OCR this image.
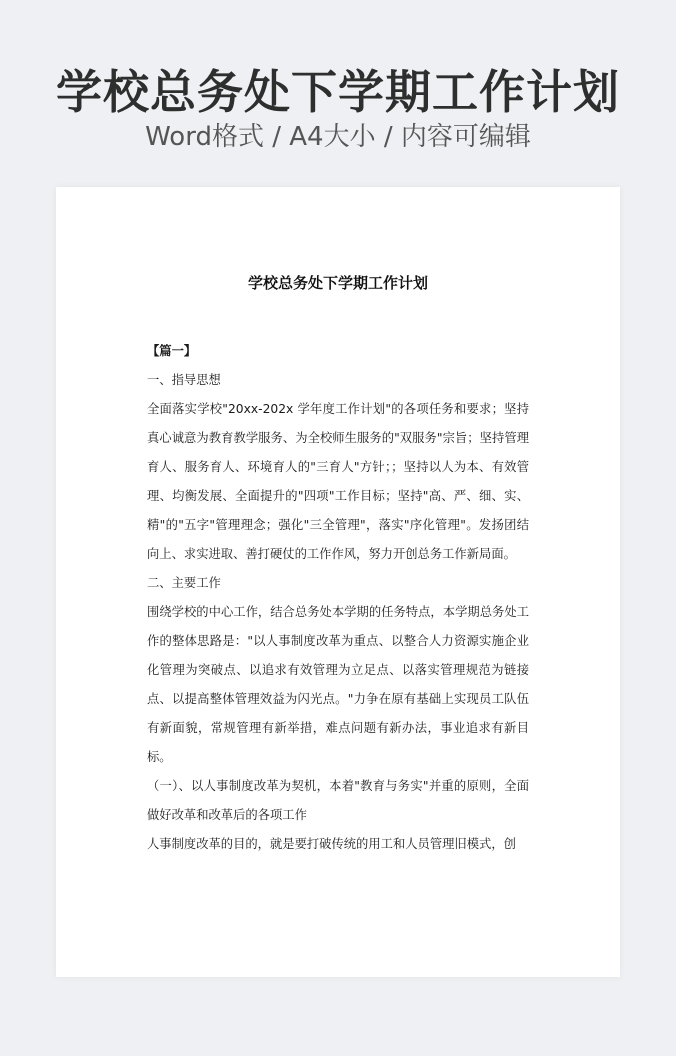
学校总务处下学期工作计划
Word格式 / A4大小 / 内容可编辑
学校总务处下学期工作计划

【篇一】

一、指导思想

全面落实学校"20xx-202x 学年度工作计划"的各项任务和要求；坚持真心诚意为教育教学服务、为全校师生服务的"双服务"宗旨；坚持管理育人、服务育人、环境育人的"三育人"方针；；坚持以人为本、有效管理、均衡发展、全面提升的"四项"工作目标；坚持"高、严、细、实、精"的"五字"管理理念；强化"三全管理"，落实"序化管理"。发扬团结向上、求实进取、善打硬仗的工作作风，努力开创总务工作新局面。

二、主要工作

围绕学校的中心工作，结合总务处本学期的任务特点，本学期总务处工作的整体思路是："以人事制度改革为重点、以整合人力资源实施企业化管理为突破点、以追求有效管理为立足点、以落实管理规范为链接点、以提高整体管理效益为闪光点。"力争在原有基础上实现员工队伍有新面貌，常规管理有新举措，难点问题有新办法，事业追求有新目标。

（一）、以人事制度改革为契机，本着"教育与务实"并重的原则，全面做好改革和改革后的各项工作

人事制度改革的目的，就是要打破传统的用工和人员管理旧模式，创
